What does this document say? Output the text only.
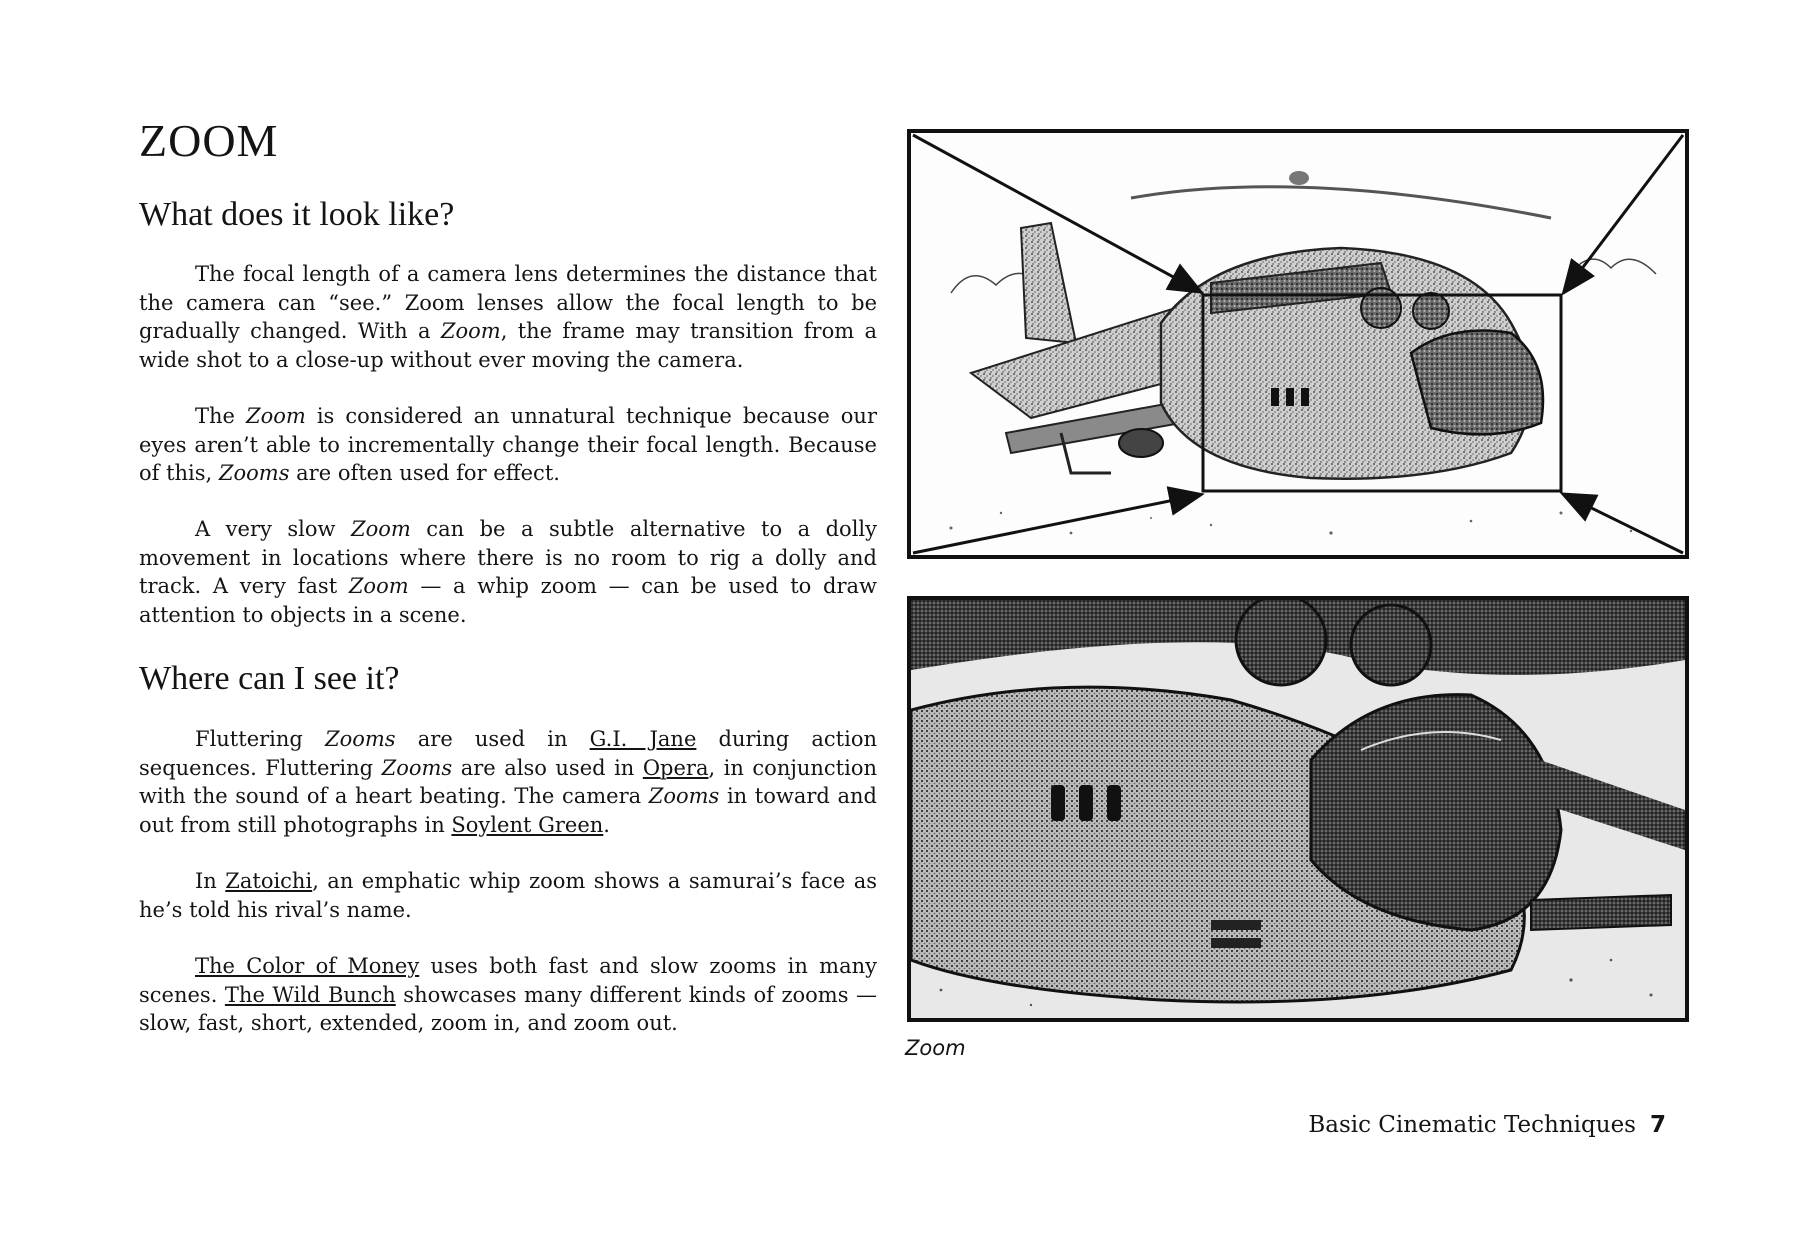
ZOOM
What does it look like?

The focal length of a camera lens determines the distance that the camera can “see.” Zoom lenses allow the focal length to be gradually changed. With a Zoom, the frame may transition from a wide shot to a close-up without ever moving the camera.

The Zoom is considered an unnatural technique because our eyes aren’t able to incrementally change their focal length. Because of this, Zooms are often used for effect.

A very slow Zoom can be a subtle alternative to a dolly movement in locations where there is no room to rig a dolly and track. A very fast Zoom — a whip zoom — can be used to draw attention to objects in a scene.

Where can I see it?

Fluttering Zooms are used in G.I. Jane during action sequences. Fluttering Zooms are also used in Opera, in conjunction with the sound of a heart beating. The camera Zooms in toward and out from still photographs in Soylent Green.

In Zatoichi, an emphatic whip zoom shows a samurai’s face as he’s told his rival’s name.

The Color of Money uses both fast and slow zooms in many scenes. The Wild Bunch showcases many different kinds of zooms — slow, fast, short, extended, zoom in, and zoom out.

Zoom
Basic Cinematic Techniques 7
